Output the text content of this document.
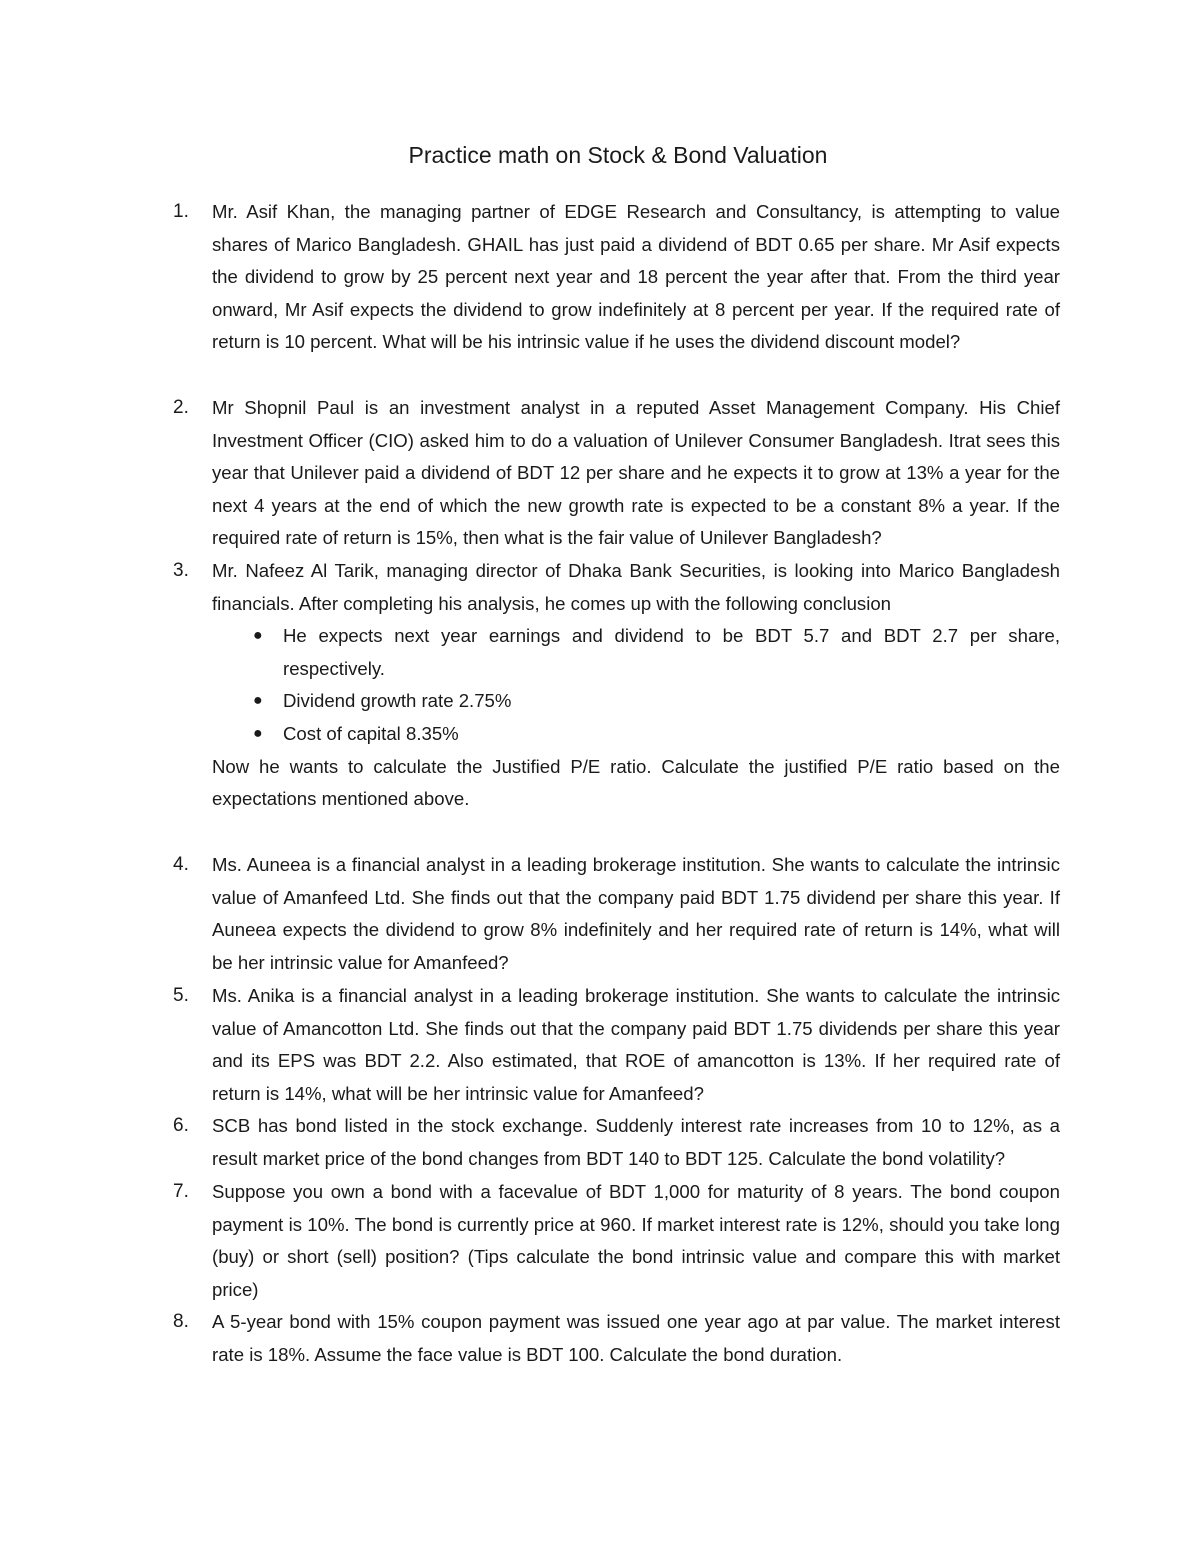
Practice math on Stock & Bond Valuation
1.	Mr. Asif Khan, the managing partner of EDGE Research and Consultancy, is attempting to value shares of Marico Bangladesh. GHAIL has just paid a dividend of BDT 0.65 per share. Mr Asif expects the dividend to grow by 25 percent next year and 18 percent the year after that. From the third year onward, Mr Asif expects the dividend to grow indefinitely at 8 percent per year. If the required rate of return is 10 percent. What will be his intrinsic value if he uses the dividend discount model?
2.	Mr Shopnil Paul is an investment analyst in a reputed Asset Management Company. His Chief Investment Officer (CIO) asked him to do a valuation of Unilever Consumer Bangladesh. Itrat sees this year that Unilever paid a dividend of BDT 12 per share and he expects it to grow at 13% a year for the next 4 years at the end of which the new growth rate is expected to be a constant 8% a year. If the required rate of return is 15%, then what is the fair value of Unilever Bangladesh?
3.	Mr. Nafeez Al Tarik, managing director of Dhaka Bank Securities, is looking into Marico Bangladesh financials. After completing his analysis, he comes up with the following conclusion

● He expects next year earnings and dividend to be BDT 5.7 and BDT 2.7 per share, respectively.
● Dividend growth rate 2.75%
● Cost of capital 8.35%

Now he wants to calculate the Justified P/E ratio. Calculate the justified P/E ratio based on the expectations mentioned above.

4.	Ms. Auneea is a financial analyst in a leading brokerage institution. She wants to calculate the intrinsic value of Amanfeed Ltd. She finds out that the company paid BDT 1.75 dividend per share this year. If Auneea expects the dividend to grow 8% indefinitely and her required rate of return is 14%, what will be her intrinsic value for Amanfeed?
5.	Ms. Anika is a financial analyst in a leading brokerage institution. She wants to calculate the intrinsic value of Amancotton Ltd. She finds out that the company paid BDT 1.75 dividends per share this year and its EPS was BDT 2.2. Also estimated, that ROE of amancotton is 13%. If her required rate of return is 14%, what will be her intrinsic value for Amanfeed?
6.	SCB has bond listed in the stock exchange. Suddenly interest rate increases from 10 to 12%, as a result market price of the bond changes from BDT 140 to BDT 125. Calculate the bond volatility?
7.	Suppose you own a bond with a facevalue of BDT 1,000 for maturity of 8 years. The bond coupon payment is 10%. The bond is currently price at 960. If market interest rate is 12%, should you take long (buy) or short (sell) position? (Tips calculate the bond intrinsic value and compare this with market price)
8.	A 5-year bond with 15% coupon payment was issued one year ago at par value. The market interest rate is 18%. Assume the face value is BDT 100. Calculate the bond duration.
